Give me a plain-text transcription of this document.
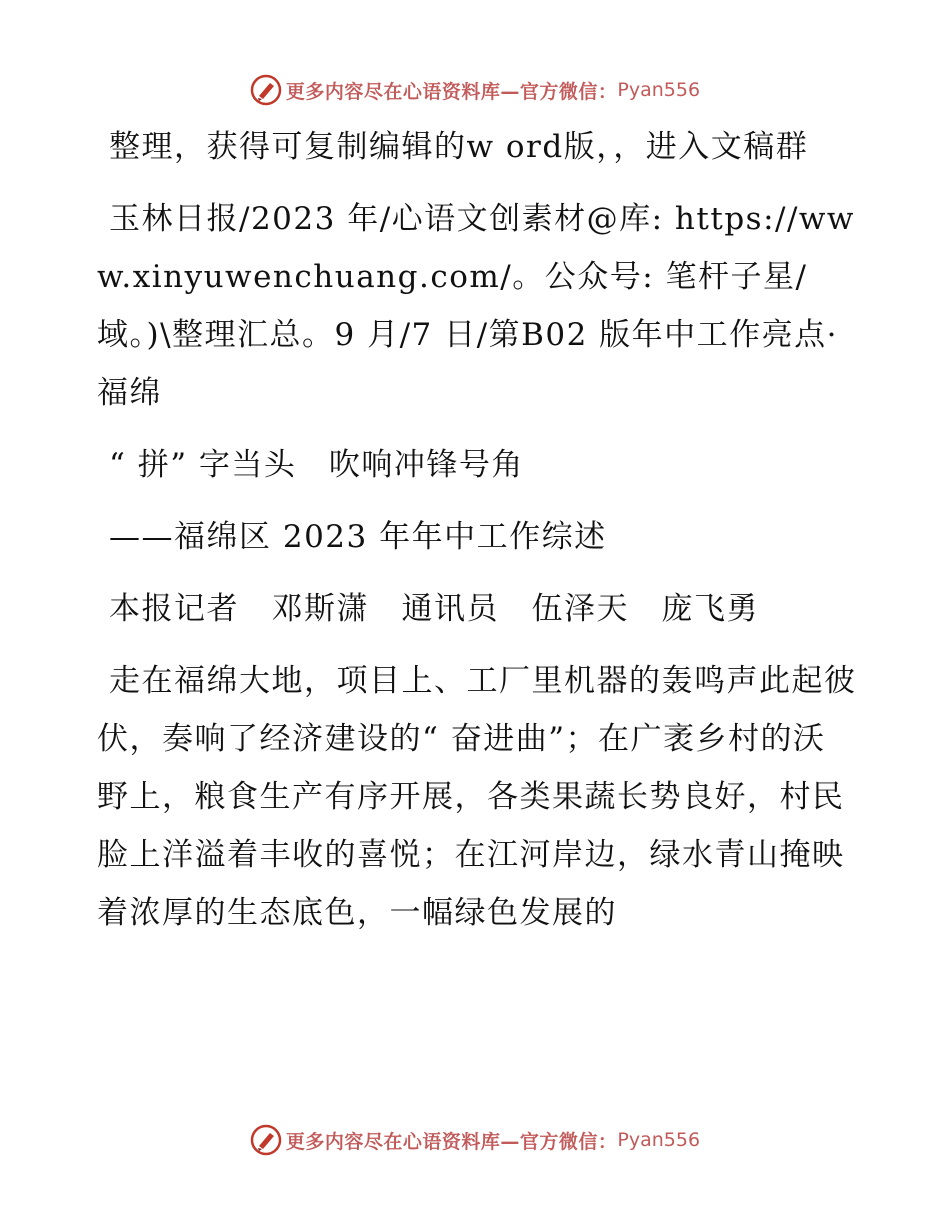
更多内容尽在心语资料库—官方微信： Pyan556

整理，获得可复制编辑的w ord版，，进入文稿群

玉林日报/2023 年/心语文创素材@库: https://www.xinyuwenchuang.com/。公众号: 笔杆子星/域。)\整理汇总。9 月/7 日/第B02 版年中工作亮点· 福绵

“ 拼” 字当头　吹响冲锋号角

——福绵区 2023 年年中工作综述

本报记者　邓斯潇　通讯员　伍泽天　庞飞勇

走在福绵大地，项目上、工厂里机器的轰鸣声此起彼伏，奏响了经济建设的“ 奋进曲”；在广袤乡村的沃野上，粮食生产有序开展，各类果蔬长势良好，村民脸上洋溢着丰收的喜悦；在江河岸边，绿水青山掩映着浓厚的生态底色，一幅绿色发展的

更多内容尽在心语资料库—官方微信： Pyan556
